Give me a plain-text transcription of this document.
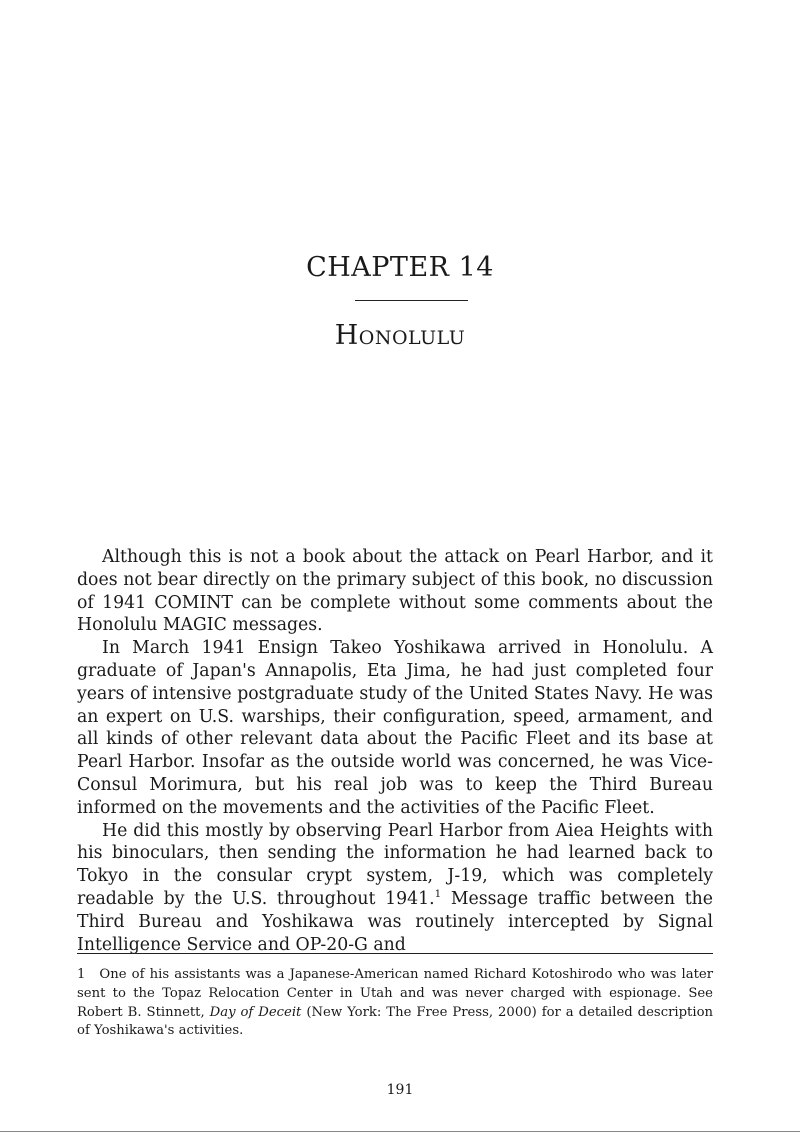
CHAPTER 14
Honolulu

Although this is not a book about the attack on Pearl Harbor, and it does not bear directly on the primary subject of this book, no discussion of 1941 COMINT can be complete without some comments about the Honolulu MAGIC messages.

In March 1941 Ensign Takeo Yoshikawa arrived in Honolulu. A graduate of Japan's Annapolis, Eta Jima, he had just completed four years of intensive postgraduate study of the United States Navy. He was an expert on U.S. warships, their configuration, speed, armament, and all kinds of other relevant data about the Pacific Fleet and its base at Pearl Harbor. Insofar as the outside world was concerned, he was Vice-Consul Morimura, but his real job was to keep the Third Bureau informed on the movements and the activities of the Pacific Fleet.

He did this mostly by observing Pearl Harbor from Aiea Heights with his binoculars, then sending the information he had learned back to Tokyo in the consular crypt system, J-19, which was completely readable by the U.S. throughout 1941.$^1$ Message traffic between the Third Bureau and Yoshikawa was routinely intercepted by Signal Intelligence Service and OP-20-G and

1 One of his assistants was a Japanese-American named Richard Kotoshirodo who was later sent to the Topaz Relocation Center in Utah and was never charged with espionage. See Robert B. Stinnett, Day of Deceit (New York: The Free Press, 2000) for a detailed description of Yoshikawa's activities.

191
